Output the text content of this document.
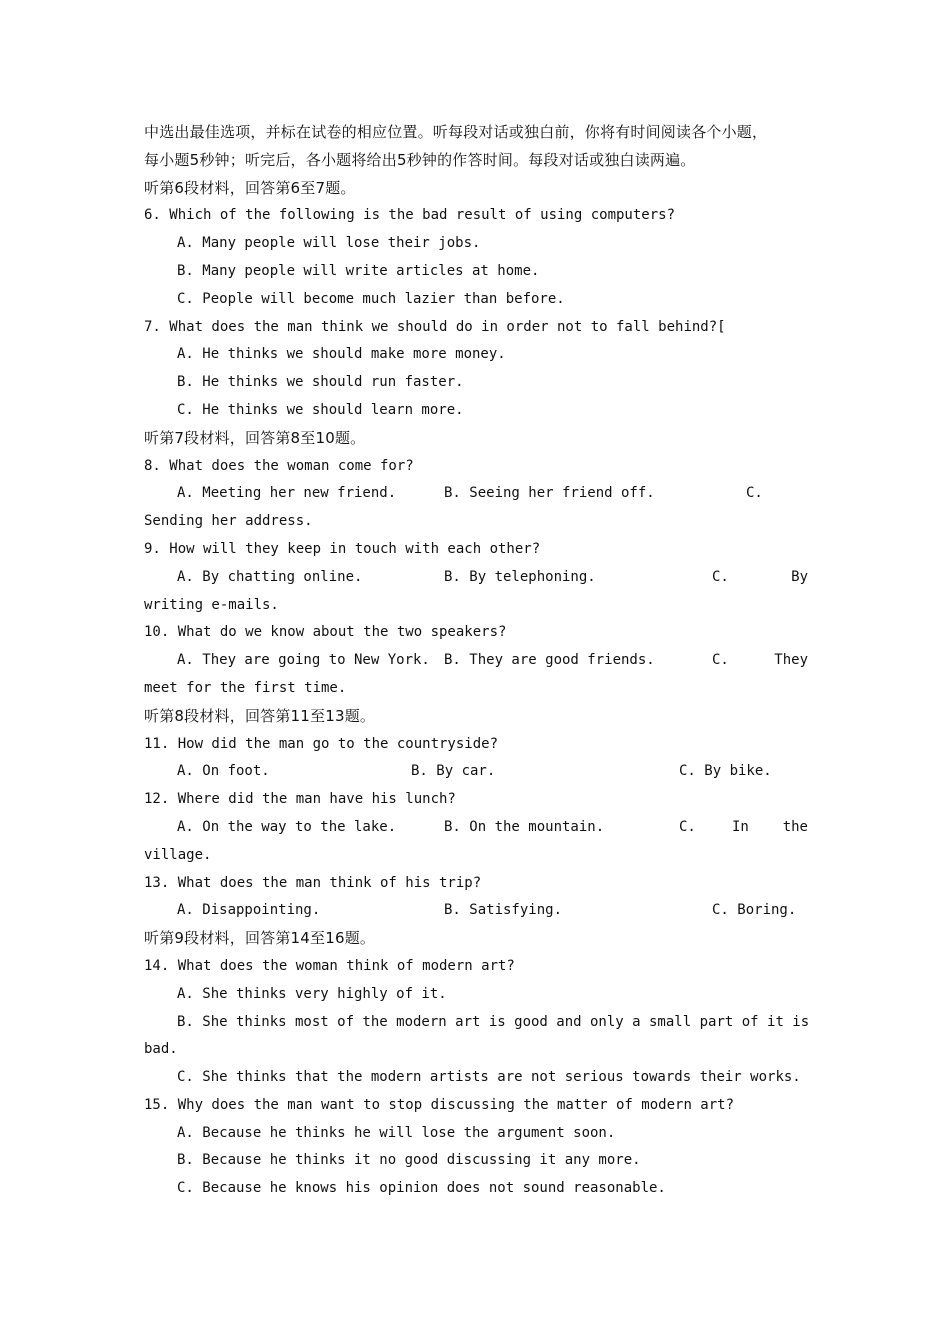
中选出最佳选项，并标在试卷的相应位置。听每段对话或独白前，你将有时间阅读各个小题，
每小题5秒钟；听完后，各小题将给出5秒钟的作答时间。每段对话或独白读两遍。
听第6段材料，回答第6至7题。
6. Which of the following is the bad result of using computers?
A. Many people will lose their jobs.
B. Many people will write articles at home.
C. People will become much lazier than before.
7. What does the man think we should do in order not to fall behind?[
A. He thinks we should make more money.
B. He thinks we should run faster.
C. He thinks we should learn more.
听第7段材料，回答第8至10题。
8. What does the woman come for?

A. Meeting her new friend.

	B. Seeing her friend off.

	C.

Sending her address.
9. How will they keep in touch with each other?

A. By chatting online.

	B. By telephoning.

	C.

	By

writing e-mails.
10. What do we know about the two speakers?

A. They are going to New York.

B. They are good friends.

	C.

	They

meet for the first time.
听第8段材料，回答第11至13题。
11. How did the man go to the countryside?

A. On foot.

	B. By car.

	C. By bike.

12. Where did the man have his lunch?

A. On the way to the lake.

	B. On the mountain.

	C.

	In

the

village.
13. What does the man think of his trip?

A. Disappointing.

	B. Satisfying.

	C. Boring.

听第9段材料，回答第14至16题。
14. What does the woman think of modern art?
A. She thinks very highly of it.
B. She thinks most of the modern art is good and only a small part of it is
bad.
C. She thinks that the modern artists are not serious towards their works.
15. Why does the man want to stop discussing the matter of modern art?
A. Because he thinks he will lose the argument soon.
B. Because he thinks it no good discussing it any more.
C. Because he knows his opinion does not sound reasonable.
